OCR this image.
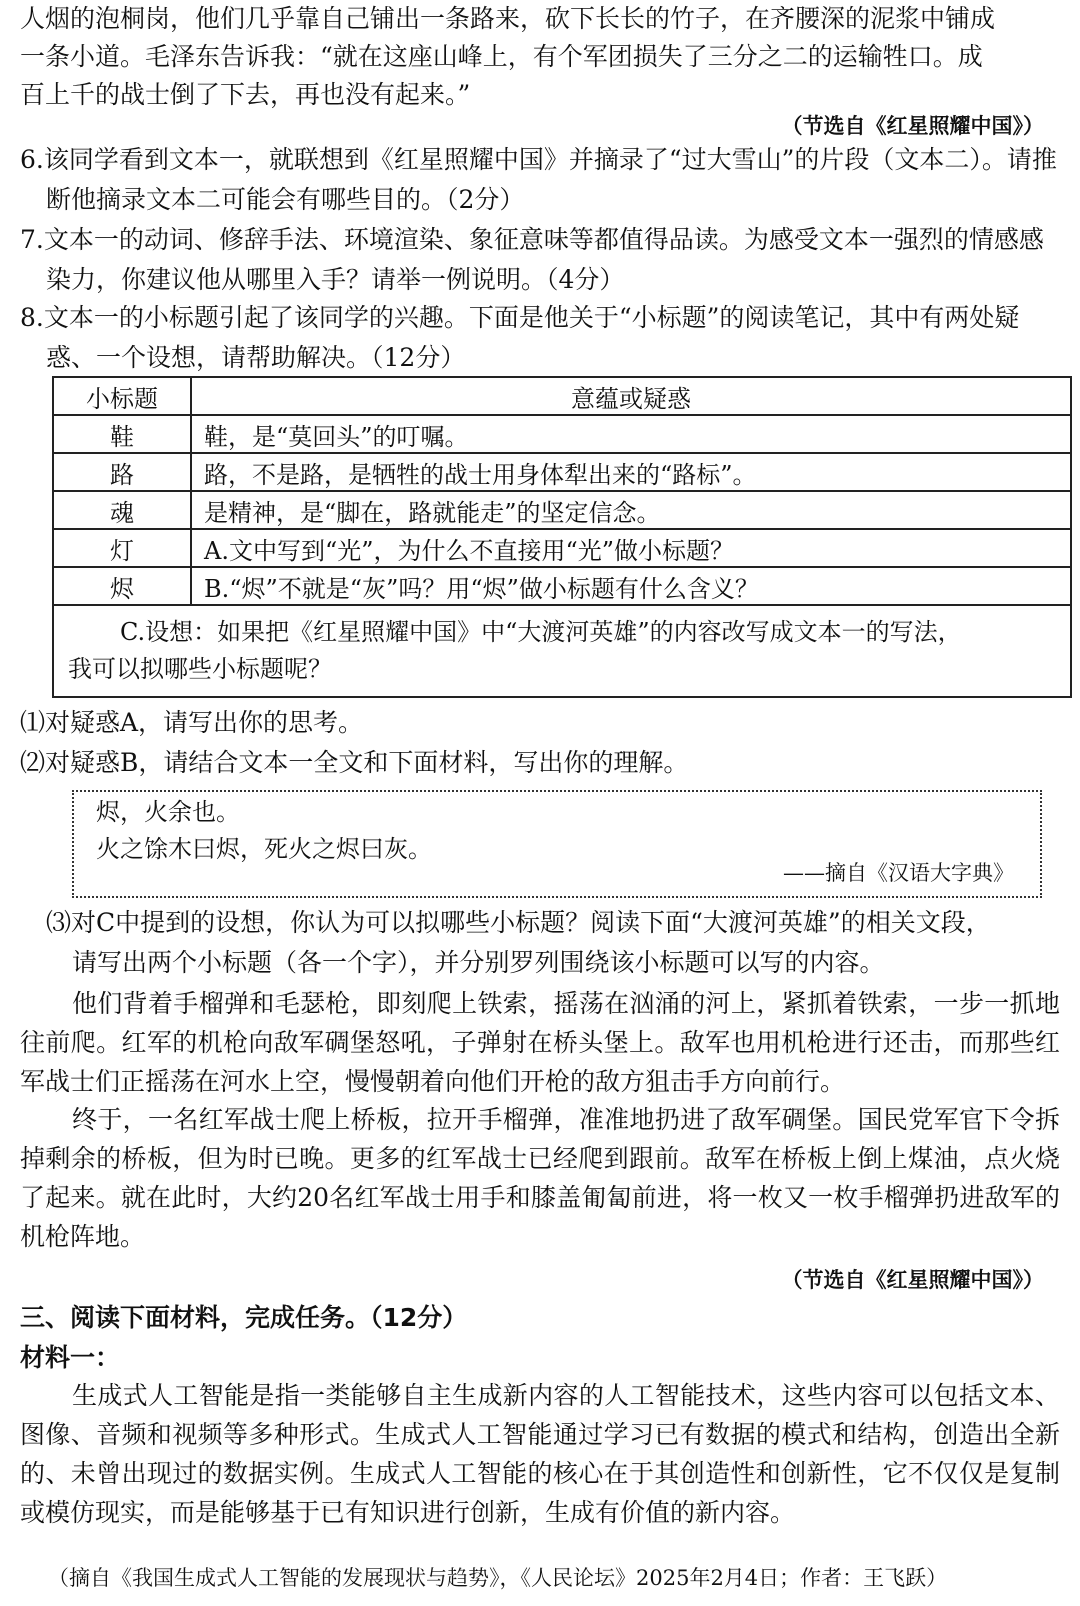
人烟的泡桐岗，他们几乎靠自己铺出一条路来，砍下长长的竹子，在齐腰深的泥浆中铺成
一条小道。毛泽东告诉我：“就在这座山峰上，有个军团损失了三分之二的运输牲口。成
百上千的战士倒了下去，再也没有起来。”
（节选自《红星照耀中国》）
6.该同学看到文本一，就联想到《红星照耀中国》并摘录了“过大雪山”的片段（文本二）。请推断他摘录文本二可能会有哪些目的。（2分）
7.文本一的动词、修辞手法、环境渲染、象征意味等都值得品读。为感受文本一强烈的情感感染力，你建议他从哪里入手？请举一例说明。（4分）
8.文本一的小标题引起了该同学的兴趣。下面是他关于“小标题”的阅读笔记，其中有两处疑惑、一个设想，请帮助解决。（12分）
小标题	意蕴或疑惑
鞋	鞋，是“莫回头”的叮嘱。
路	路，不是路，是牺牲的战士用身体犁出来的“路标”。
魂	是精神，是“脚在，路就能走”的坚定信念。
灯	A.文中写到“光”，为什么不直接用“光”做小标题？
烬	B.“烬”不就是“灰”吗？用“烬”做小标题有什么含义？

C.设想：如果把《红星照耀中国》中“大渡河英雄”的内容改写成文本一的写法，
我可以拟哪些小标题呢？	
⑴对疑惑A，请写出你的思考。
⑵对疑惑B，请结合文本一全文和下面材料，写出你的理解。
烬，火余也。
火之馀木曰烬，死火之烬曰灰。
——摘自《汉语大字典》
⑶对C中提到的设想，你认为可以拟哪些小标题？阅读下面“大渡河英雄”的相关文段，
请写出两个小标题（各一个字），并分别罗列围绕该小标题可以写的内容。
他们背着手榴弹和毛瑟枪，即刻爬上铁索，摇荡在汹涌的河上，紧抓着铁索，一步一抓地往前爬。红军的机枪向敌军碉堡怒吼，子弹射在桥头堡上。敌军也用机枪进行还击，而那些红军战士们正摇荡在河水上空，慢慢朝着向他们开枪的敌方狙击手方向前行。
终于，一名红军战士爬上桥板，拉开手榴弹，准准地扔进了敌军碉堡。国民党军官下令拆掉剩余的桥板，但为时已晚。更多的红军战士已经爬到跟前。敌军在桥板上倒上煤油，点火烧了起来。就在此时，大约20名红军战士用手和膝盖匍匐前进，将一枚又一枚手榴弹扔进敌军的机枪阵地。
（节选自《红星照耀中国》）
三、阅读下面材料，完成任务。（12分）
材料一：
生成式人工智能是指一类能够自主生成新内容的人工智能技术，这些内容可以包括文本、图像、音频和视频等多种形式。生成式人工智能通过学习已有数据的模式和结构，创造出全新的、未曾出现过的数据实例。生成式人工智能的核心在于其创造性和创新性，它不仅仅是复制或模仿现实，而是能够基于已有知识进行创新，生成有价值的新内容。
（摘自《我国生成式人工智能的发展现状与趋势》，《人民论坛》2025年2月4日；作者：王飞跃）
